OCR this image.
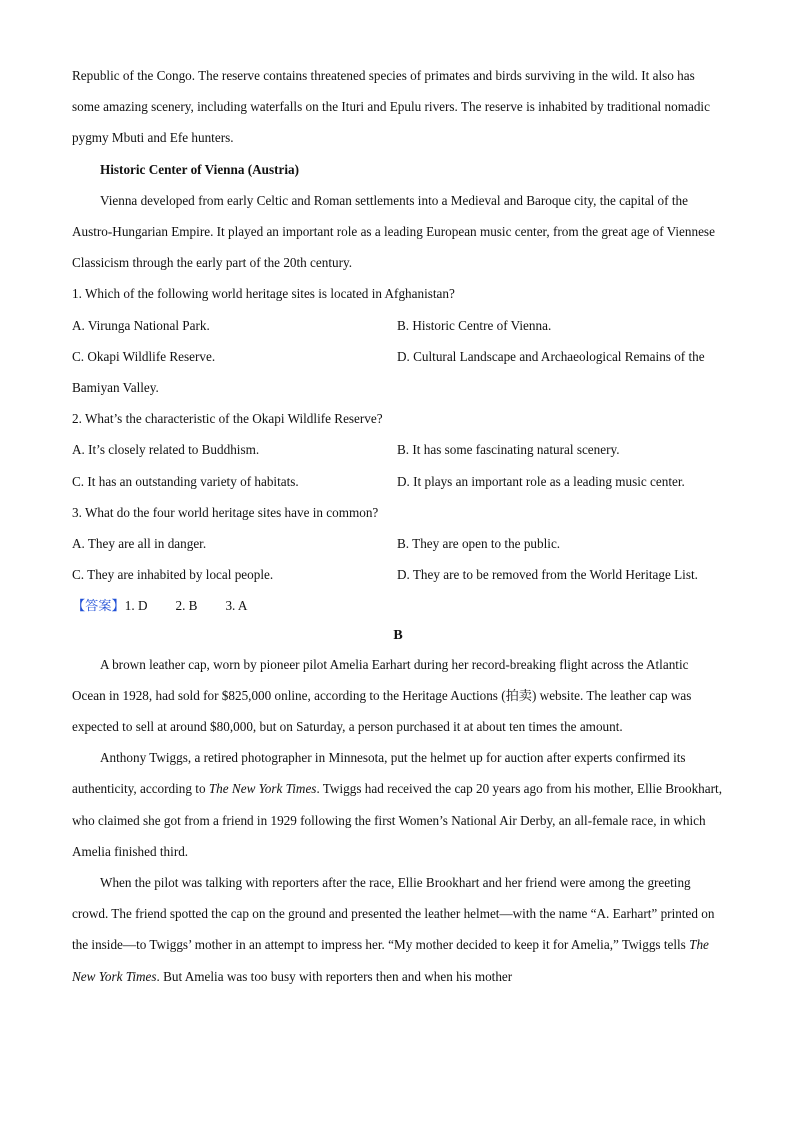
Republic of the Congo. The reserve contains threatened species of primates and birds surviving in the wild. It also has some amazing scenery, including waterfalls on the Ituri and Epulu rivers. The reserve is inhabited by traditional nomadic pygmy Mbuti and Efe hunters.

Historic Center of Vienna (Austria)

Vienna developed from early Celtic and Roman settlements into a Medieval and Baroque city, the capital of the Austro-Hungarian Empire. It played an important role as a leading European music center, from the great age of Viennese Classicism through the early part of the 20th century.

1. Which of the following world heritage sites is located in Afghanistan?

A. Virunga National Park.	B. Historic Centre of Vienna.
C. Okapi Wildlife Reserve.	D. Cultural Landscape and Archaeological Remains of the Bamiyan Valley.

2. What’s the characteristic of the Okapi Wildlife Reserve?

A. It’s closely related to Buddhism.	B. It has some fascinating natural scenery.
C. It has an outstanding variety of habitats.	D. It plays an important role as a leading music center.

3. What do the four world heritage sites have in common?

A. They are all in danger.	B. They are open to the public.
C. They are inhabited by local people.	D. They are to be removed from the World Heritage List.
【答案】1. D 2. B 3. A
B

A brown leather cap, worn by pioneer pilot Amelia Earhart during her record-breaking flight across the Atlantic Ocean in 1928, had sold for $825,000 online, according to the Heritage Auctions (拍卖) website. The leather cap was expected to sell at around $80,000, but on Saturday, a person purchased it at about ten times the amount.

Anthony Twiggs, a retired photographer in Minnesota, put the helmet up for auction after experts confirmed its authenticity, according to The New York Times. Twiggs had received the cap 20 years ago from his mother, Ellie Brookhart, who claimed she got from a friend in 1929 following the first Women’s National Air Derby, an all-female race, in which Amelia finished third.

When the pilot was talking with reporters after the race, Ellie Brookhart and her friend were among the greeting crowd. The friend spotted the cap on the ground and presented the leather helmet—with the name “A. Earhart” printed on the inside—to Twiggs’ mother in an attempt to impress her. “My mother decided to keep it for Amelia,” Twiggs tells The New York Times. But Amelia was too busy with reporters then and when his mother
